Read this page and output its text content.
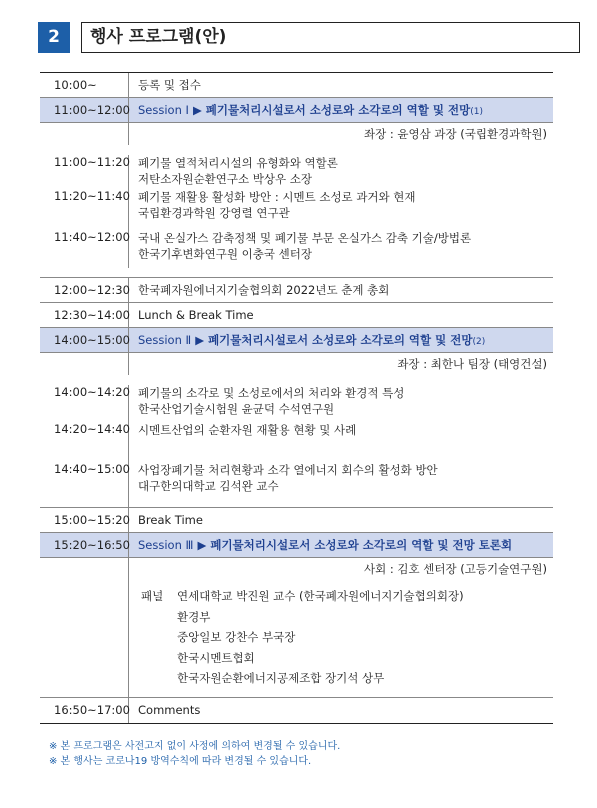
2	행사 프로그램(안)
10:00~	등록 및 접수
11:00~12:00 Session Ⅰ ▶ 폐기물처리시설로서 소성로와 소각로의 역할 및 전망(1)
좌장 : 윤영삼 과장 (국립환경과학원)
11:00~11:20 폐기물 열적처리시설의 유형화와 역할론
저탄소자원순환연구소 박상우 소장
11:20~11:40 폐기물 재활용 활성화 방안 : 시멘트 소성로 과거와 현재
국립환경과학원 강영렬 연구관
11:40~12:00 국내 온실가스 감축정책 및 폐기물 부문 온실가스 감축 기술/방법론
한국기후변화연구원 이충국 센터장
12:00~12:30 한국폐자원에너지기술협의회 2022년도 춘계 총회
12:30~14:00 Lunch & Break Time
14:00~15:00 Session Ⅱ ▶ 폐기물처리시설로서 소성로와 소각로의 역할 및 전망(2)
좌장 : 최한나 팀장 (태영건설)
14:00~14:20 폐기물의 소각로 및 소성로에서의 처리와 환경적 특성
한국산업기술시험원 윤균덕 수석연구원
14:20~14:40 시멘트산업의 순환자원 재활용 현황 및 사례
14:40~15:00 사업장폐기물 처리현황과 소각 열에너지 회수의 활성화 방안
대구한의대학교 김석완 교수
15:00~15:20 Break Time
15:20~16:50 Session Ⅲ ▶ 폐기물처리시설로서 소성로와 소각로의 역할 및 전망 토론회
사회 : 김호 센터장 (고등기술연구원)
패널	연세대학교 박진원 교수 (한국폐자원에너지기술협의회장)
환경부
중앙일보 강찬수 부국장
한국시멘트협회
한국자원순환에너지공제조합 장기석 상무
16:50~17:00 Comments
※ 본 프로그램은 사전고지 없이 사정에 의하여 변경될 수 있습니다.
※ 본 행사는 코로나19 방역수칙에 따라 변경될 수 있습니다.
